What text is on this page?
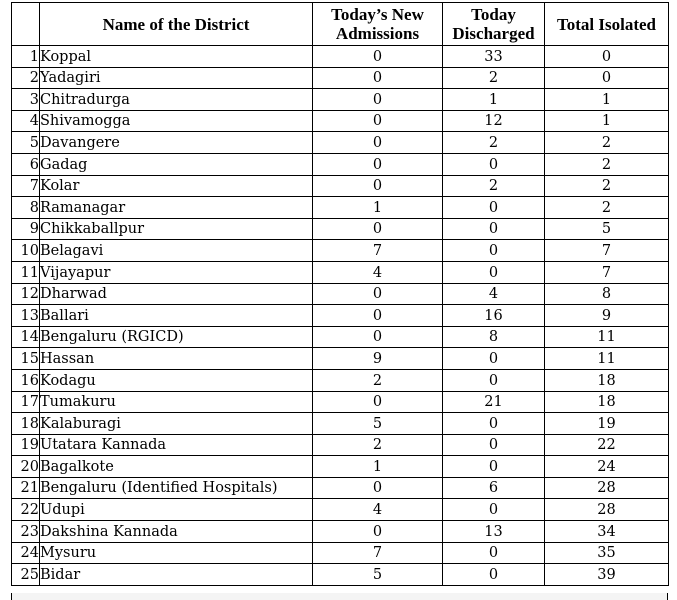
	Name of the District	Today’s New Admissions	Today Discharged	Total Isolated
1	Koppal	0	33	0
2	Yadagiri	0	2	0
3	Chitradurga	0	1	1
4	Shivamogga	0	12	1
5	Davangere	0	2	2
6	Gadag	0	0	2
7	Kolar	0	2	2
8	Ramanagar	1	0	2
9	Chikkaballpur	0	0	5
10	Belagavi	7	0	7
11	Vijayapur	4	0	7
12	Dharwad	0	4	8
13	Ballari	0	16	9
14	Bengaluru (RGICD)	0	8	11
15	Hassan	9	0	11
16	Kodagu	2	0	18
17	Tumakuru	0	21	18
18	Kalaburagi	5	0	19
19	Utatara Kannada	2	0	22
20	Bagalkote	1	0	24
21	Bengaluru (Identified Hospitals)	0	6	28
22	Udupi	4	0	28
23	Dakshina Kannada	0	13	34
24	Mysuru	7	0	35
25	Bidar	5	0	39
